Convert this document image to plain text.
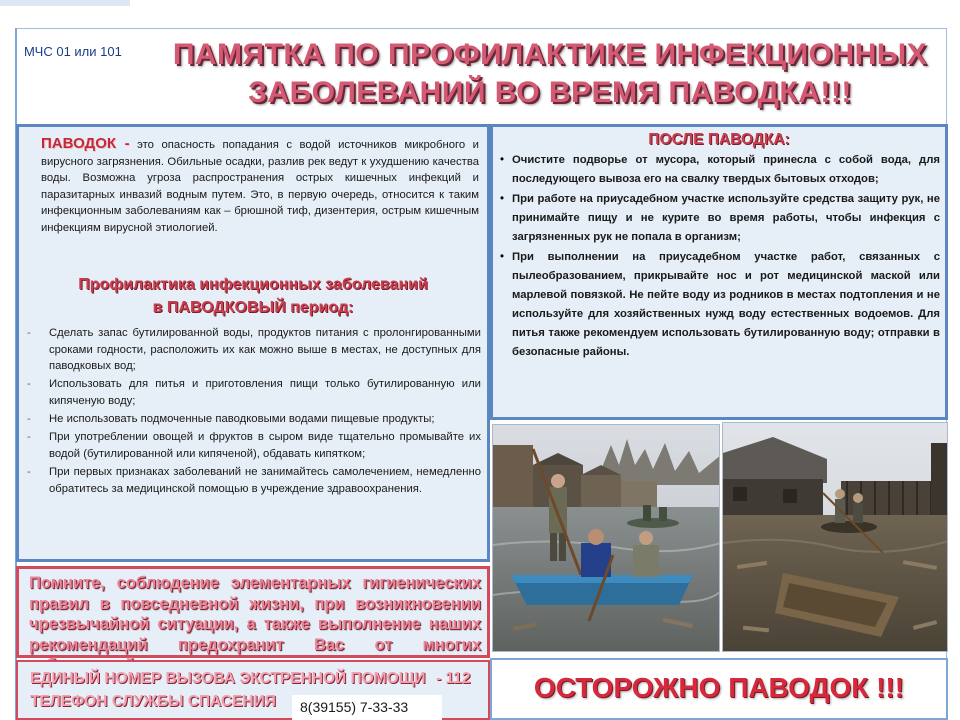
МЧС 01 или 101	ПАМЯТКА ПО ПРОФИЛАКТИКЕ ИНФЕКЦИОННЫХ
ЗАБОЛЕВАНИЙ ВО ВРЕМЯ ПАВОДКА!!!

ПАВОДОК - это опасность попадания с водой источников микробного и вирусного загрязнения. Обильные осадки, разлив рек ведут к ухудшению качества воды. Возможна угроза распространения острых кишечных инфекций и паразитарных инвазий водным путем. Это, в первую очередь, относится к таким инфекционным заболеваниям как – брюшной тиф, дизентерия, острым кишечным инфекциям вирусной этиологией.

Профилактика инфекционных заболеваний
в ПАВОДКОВЫЙ период:
-	Сделать запас бутилированной воды, продуктов питания с пролонгированными сроками годности, расположить их как можно выше в местах, не доступных для паводковых вод;
-	Использовать для питья и приготовления пищи только бутилированную или кипяченую воду;
-	Не использовать подмоченные паводковыми водами пищевые продукты;
-	При употреблении овощей и фруктов в сыром виде тщательно промывайте их водой (бутилированной или кипяченой), обдавать кипятком;
-	При первых признаках заболеваний не занимайтесь самолечением, немедленно обратитесь за медицинской помощью в учреждение здравоохранения.
ПОСЛЕ ПАВОДКА:
• Очистите подворье от мусора, который принесла с собой вода, для последующего вывоза его на свалку твердых бытовых отходов;
• При работе на приусадебном участке используйте средства защиту рук, не принимайте пищу и не курите во время работы, чтобы инфекция с загрязненных рук не попала в организм;
• При выполнении на приусадебном участке работ, связанных с пылеобразованием, прикрывайте нос и рот медицинской маской или марлевой повязкой. Не пейте воду из родников в местах подтопления и не используйте для хозяйственных нужд воду естественных водоемов. Для питья также рекомендуем использовать бутилированную воду; отправки в безопасные районы.

Помните, соблюдение элементарных гигиенических правил в повседневной жизни, при возникновении чрезвычайной ситуации, а также выполнение наших рекомендаций предохранит Вас от многих

ЕДИНЫЙ НОМЕР ВЫЗОВА ЭКСТРЕННОЙ ПОМОЩИ - 112
ТЕЛЕФОН СЛУЖБЫ СПАСЕНИЯ 8(39155) 7-33-33
ОСТОРОЖНО ПАВОДОК !!!
